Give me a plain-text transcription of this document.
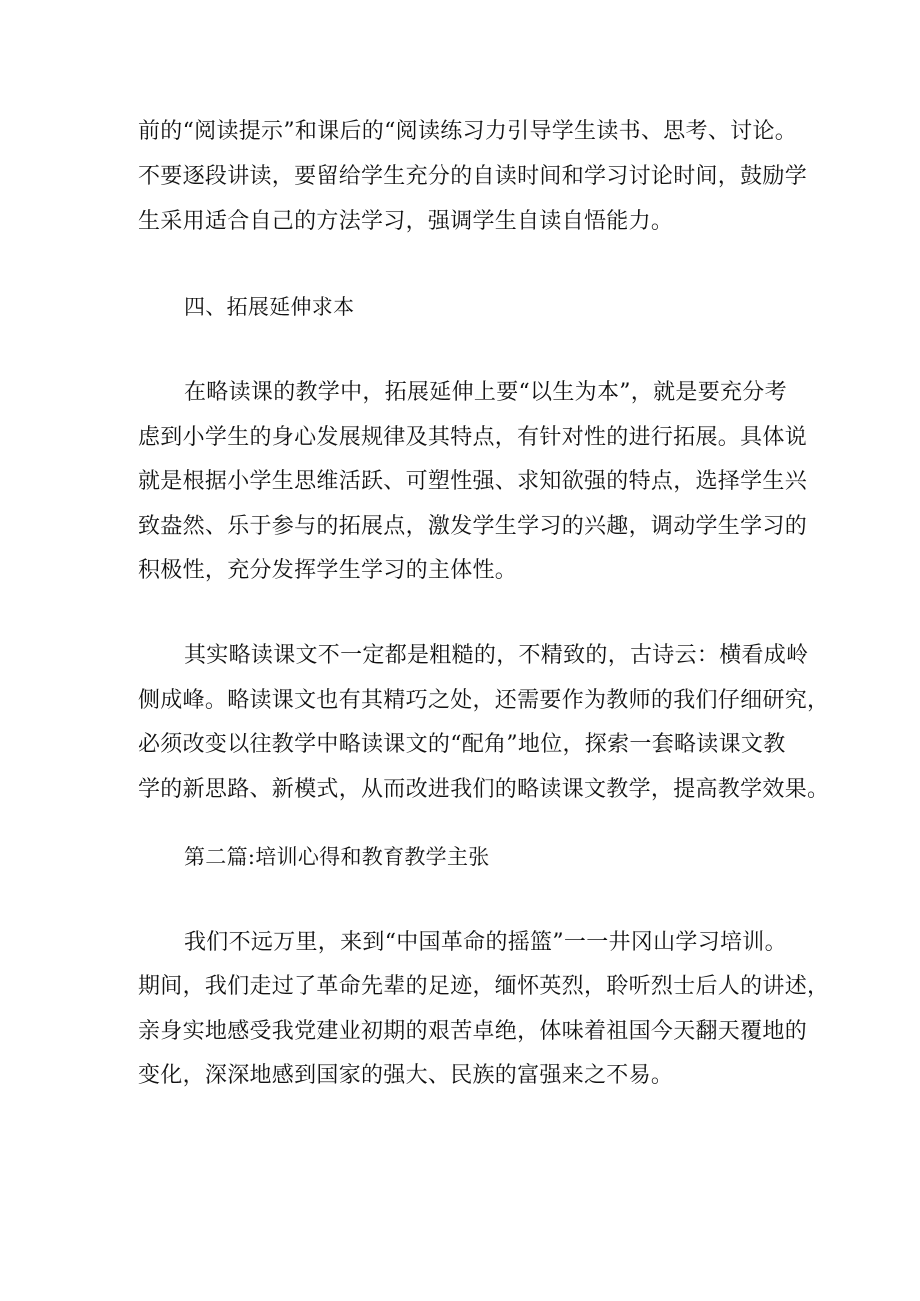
前的“阅读提示”和课后的“阅读练习力引导学生读书、思考、讨论。
不要逐段讲读，要留给学生充分的自读时间和学习讨论时间，鼓励学
生采用适合自己的方法学习，强调学生自读自悟能力。
四、拓展延伸求本
在略读课的教学中，拓展延伸上要“以生为本”，就是要充分考
虑到小学生的身心发展规律及其特点，有针对性的进行拓展。具体说
就是根据小学生思维活跃、可塑性强、求知欲强的特点，选择学生兴
致盎然、乐于参与的拓展点，激发学生学习的兴趣，调动学生学习的
积极性，充分发挥学生学习的主体性。
其实略读课文不一定都是粗糙的，不精致的，古诗云：横看成岭
侧成峰。略读课文也有其精巧之处，还需要作为教师的我们仔细研究，
必须改变以往教学中略读课文的“配角”地位，探索一套略读课文教
学的新思路、新模式，从而改进我们的略读课文教学，提高教学效果。
第二篇:培训心得和教育教学主张
我们不远万里，来到“中国革命的摇篮”一一井冈山学习培训。
期间，我们走过了革命先辈的足迹，缅怀英烈，聆听烈士后人的讲述，
亲身实地感受我党建业初期的艰苦卓绝，体味着祖国今天翻天覆地的
变化，深深地感到国家的强大、民族的富强来之不易。
